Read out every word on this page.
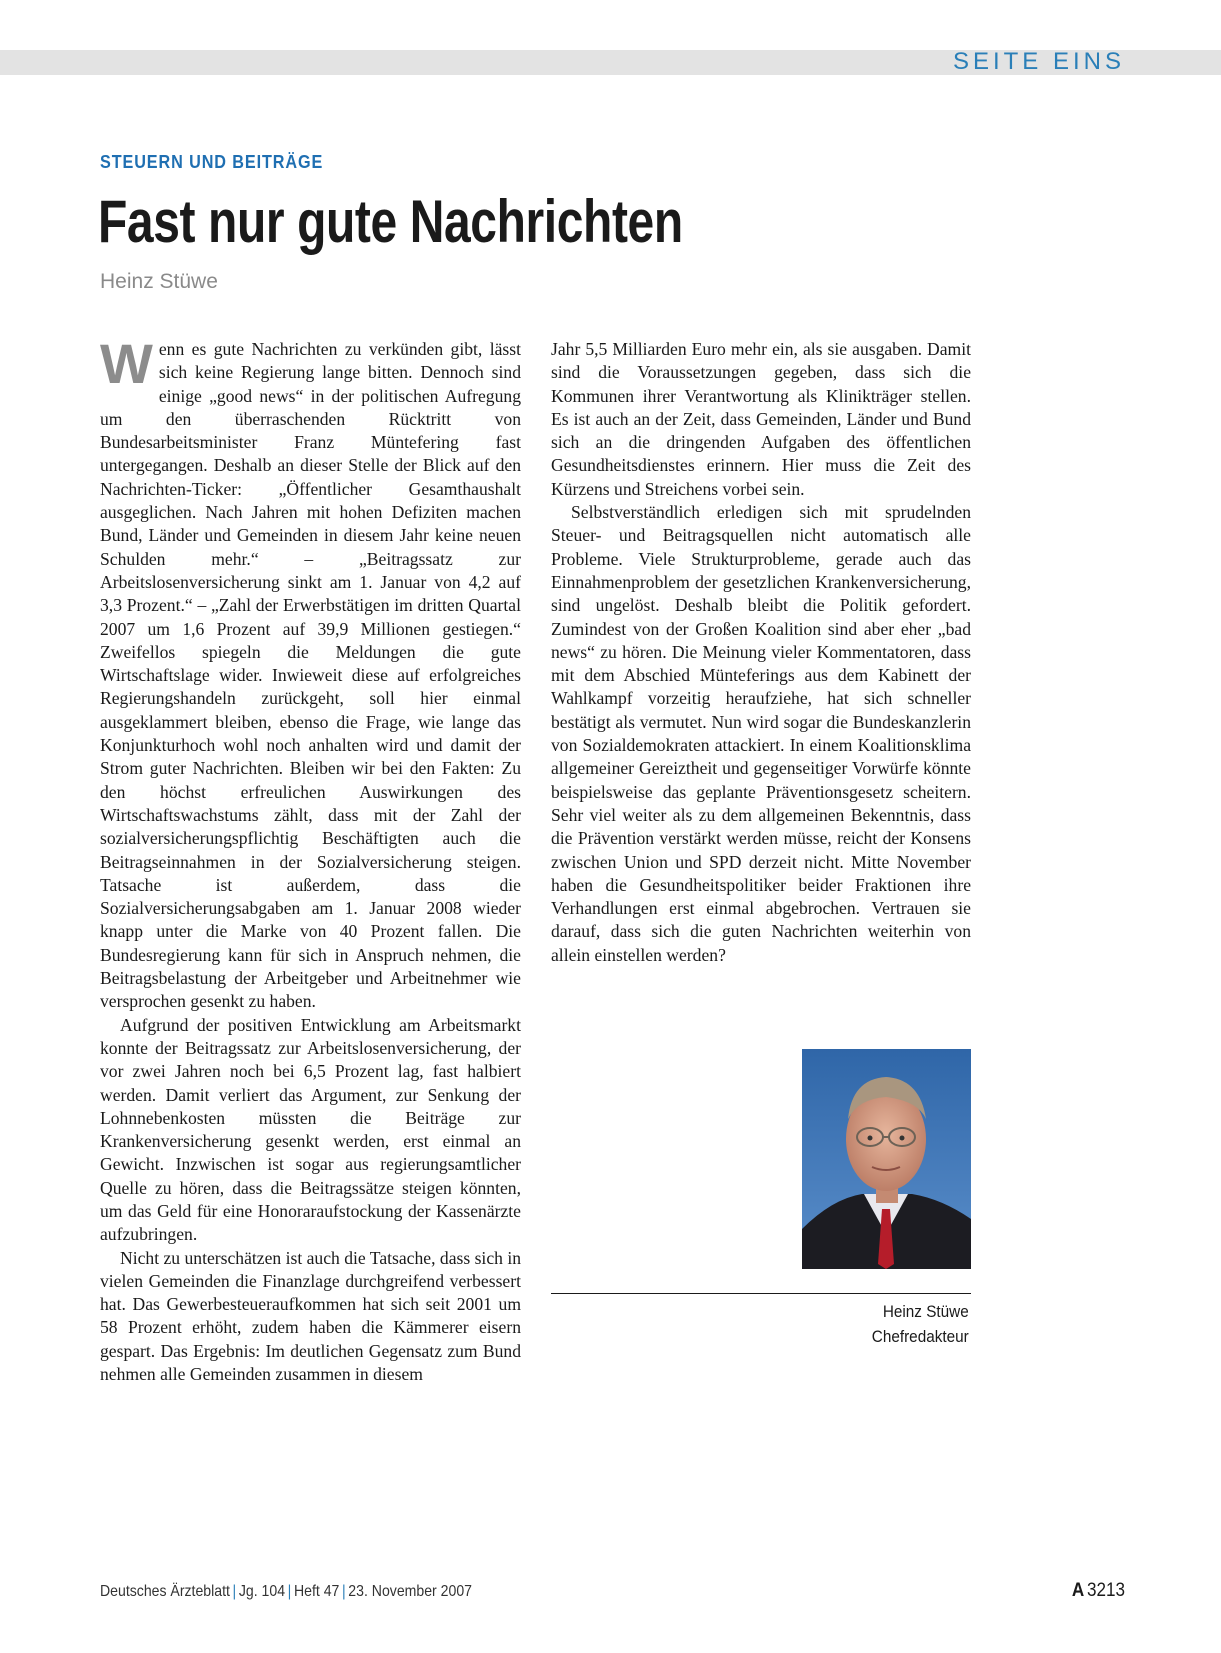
SEITE EINS
STEUERN UND BEITRÄGE
Fast nur gute Nachrichten
Heinz Stüwe

Wenn es gute Nachrichten zu verkünden gibt, lässt sich keine Regierung lange bitten. Dennoch sind einige „good news“ in der politischen Aufregung um den überraschenden Rücktritt von Bundesarbeitsminister Franz Müntefering fast untergegangen. Deshalb an dieser Stelle der Blick auf den Nachrichten-Ticker: „Öffentlicher Gesamthaushalt ausgeglichen. Nach Jahren mit hohen Defiziten machen Bund, Länder und Gemeinden in diesem Jahr keine neuen Schulden mehr.“ – „Beitragssatz zur Arbeitslosenversicherung sinkt am 1. Januar von 4,2 auf 3,3 Prozent.“ – „Zahl der Erwerbstätigen im dritten Quartal 2007 um 1,6 Prozent auf 39,9 Millionen gestiegen.“ Zweifellos spiegeln die Meldungen die gute Wirtschaftslage wider. Inwieweit diese auf erfolgreiches Regierungshandeln zurückgeht, soll hier einmal ausgeklammert bleiben, ebenso die Frage, wie lange das Konjunkturhoch wohl noch anhalten wird und damit der Strom guter Nachrichten. Bleiben wir bei den Fakten: Zu den höchst erfreulichen Auswirkungen des Wirtschaftswachstums zählt, dass mit der Zahl der sozialversicherungspflichtig Beschäftigten auch die Beitragseinnahmen in der Sozialversicherung steigen. Tatsache ist außerdem, dass die Sozialversicherungsabgaben am 1. Januar 2008 wieder knapp unter die Marke von 40 Prozent fallen. Die Bundesregierung kann für sich in Anspruch nehmen, die Beitragsbelastung der Arbeitgeber und Arbeitnehmer wie versprochen gesenkt zu haben.

Aufgrund der positiven Entwicklung am Arbeitsmarkt konnte der Beitragssatz zur Arbeitslosenversicherung, der vor zwei Jahren noch bei 6,5 Prozent lag, fast halbiert werden. Damit verliert das Argument, zur Senkung der Lohnnebenkosten müssten die Beiträge zur Krankenversicherung gesenkt werden, erst einmal an Gewicht. Inzwischen ist sogar aus regierungsamtlicher Quelle zu hören, dass die Beitragssätze steigen könnten, um das Geld für eine Honoraraufstockung der Kassenärzte aufzubringen.

Nicht zu unterschätzen ist auch die Tatsache, dass sich in vielen Gemeinden die Finanzlage durchgreifend verbessert hat. Das Gewerbesteueraufkommen hat sich seit 2001 um 58 Prozent erhöht, zudem haben die Kämmerer eisern gespart. Das Ergebnis: Im deutlichen Gegensatz zum Bund nehmen alle Gemeinden zusammen in diesem

Jahr 5,5 Milliarden Euro mehr ein, als sie ausgaben. Damit sind die Voraussetzungen gegeben, dass sich die Kommunen ihrer Verantwortung als Klinikträger stellen. Es ist auch an der Zeit, dass Gemeinden, Länder und Bund sich an die dringenden Aufgaben des öffentlichen Gesundheitsdienstes erinnern. Hier muss die Zeit des Kürzens und Streichens vorbei sein.

Selbstverständlich erledigen sich mit sprudelnden Steuer- und Beitragsquellen nicht automatisch alle Probleme. Viele Strukturprobleme, gerade auch das Einnahmenproblem der gesetzlichen Krankenversicherung, sind ungelöst. Deshalb bleibt die Politik gefordert. Zumindest von der Großen Koalition sind aber eher „bad news“ zu hören. Die Meinung vieler Kommentatoren, dass mit dem Abschied Münteferings aus dem Kabinett der Wahlkampf vorzeitig heraufziehe, hat sich schneller bestätigt als vermutet. Nun wird sogar die Bundeskanzlerin von Sozialdemokraten attackiert. In einem Koalitionsklima allgemeiner Gereiztheit und gegenseitiger Vorwürfe könnte beispielsweise das geplante Präventionsgesetz scheitern. Sehr viel weiter als zu dem allgemeinen Bekenntnis, dass die Prävention verstärkt werden müsse, reicht der Konsens zwischen Union und SPD derzeit nicht. Mitte November haben die Gesundheitspolitiker beider Fraktionen ihre Verhandlungen erst einmal abgebrochen. Vertrauen sie darauf, dass sich die guten Nachrichten weiterhin von allein einstellen werden?

Heinz Stüwe
Chefredakteur
Deutsches Ärzteblatt | Jg. 104 | Heft 47 | 23. November 2007	A 3213
